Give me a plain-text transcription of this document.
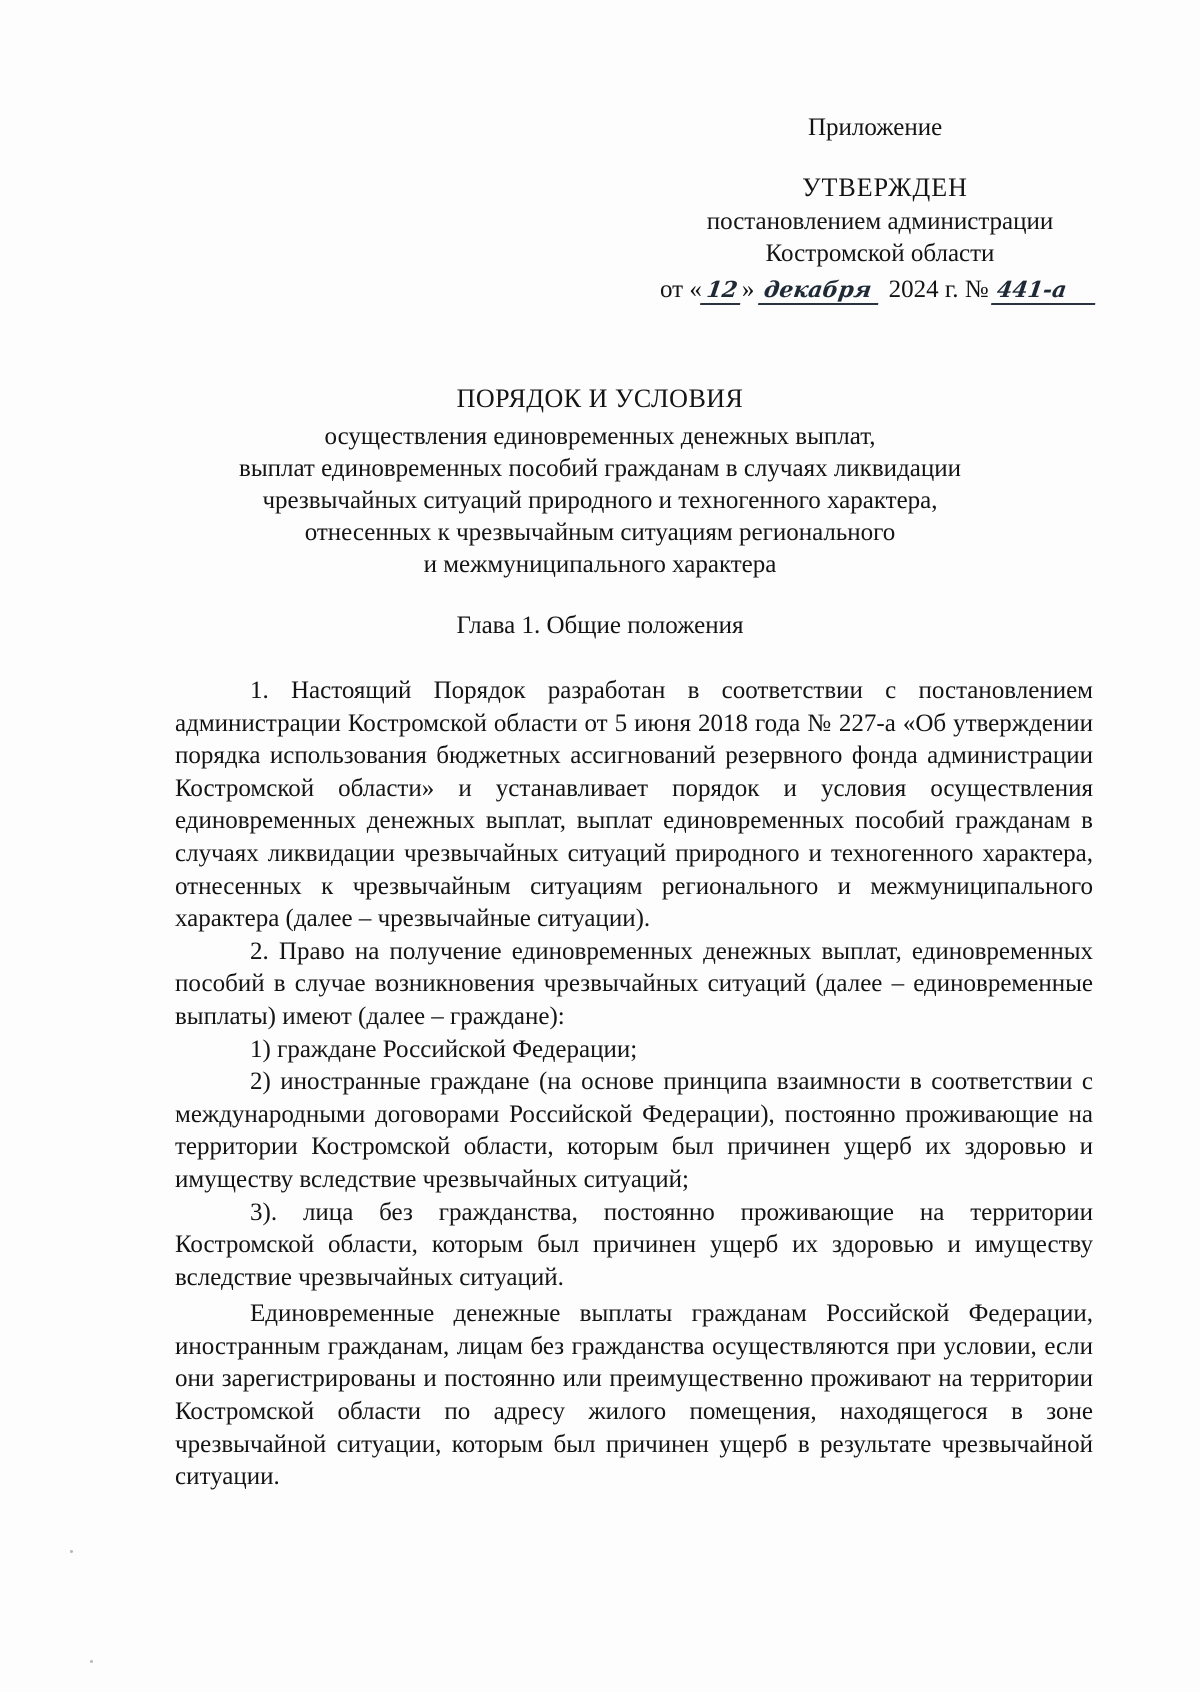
Приложение
УТВЕРЖДЕН
постановлением администрации
Костромской области
от « 12 » декабря 2024 г. № 441-а
ПОРЯДОК И УСЛОВИЯ
осуществления единовременных денежных выплат,
выплат единовременных пособий гражданам в случаях ликвидации
чрезвычайных ситуаций природного и техногенного характера,
отнесенных к чрезвычайным ситуациям регионального
и межмуниципального характера
Глава 1. Общие положения

1. Настоящий Порядок разработан в соответствии с постановлением администрации Костромской области от 5 июня 2018 года № 227-а «Об утверждении порядка использования бюджетных ассигнований резервного фонда администрации Костромской области» и устанавливает порядок и условия осуществления единовременных денежных выплат, выплат единовременных пособий гражданам в случаях ликвидации чрезвычайных ситуаций природного и техногенного характера, отнесенных к чрезвычайным ситуациям регионального и межмуниципального характера (далее – чрезвычайные ситуации).

2. Право на получение единовременных денежных выплат, единовременных пособий в случае возникновения чрезвычайных ситуаций (далее – единовременные выплаты) имеют (далее – граждане):

1) граждане Российской Федерации;

2) иностранные граждане (на основе принципа взаимности в соответствии с международными договорами Российской Федерации), постоянно проживающие на территории Костромской области, которым был причинен ущерб их здоровью и имуществу вследствие чрезвычайных ситуаций;

3). лица без гражданства, постоянно проживающие на территории Костромской области, которым был причинен ущерб их здоровью и имуществу вследствие чрезвычайных ситуаций.

Единовременные денежные выплаты гражданам Российской Федерации, иностранным гражданам, лицам без гражданства осуществляются при условии, если они зарегистрированы и постоянно или преимущественно проживают на территории Костромской области по адресу жилого помещения, находящегося в зоне чрезвычайной ситуации, которым был причинен ущерб в результате чрезвычайной ситуации.
